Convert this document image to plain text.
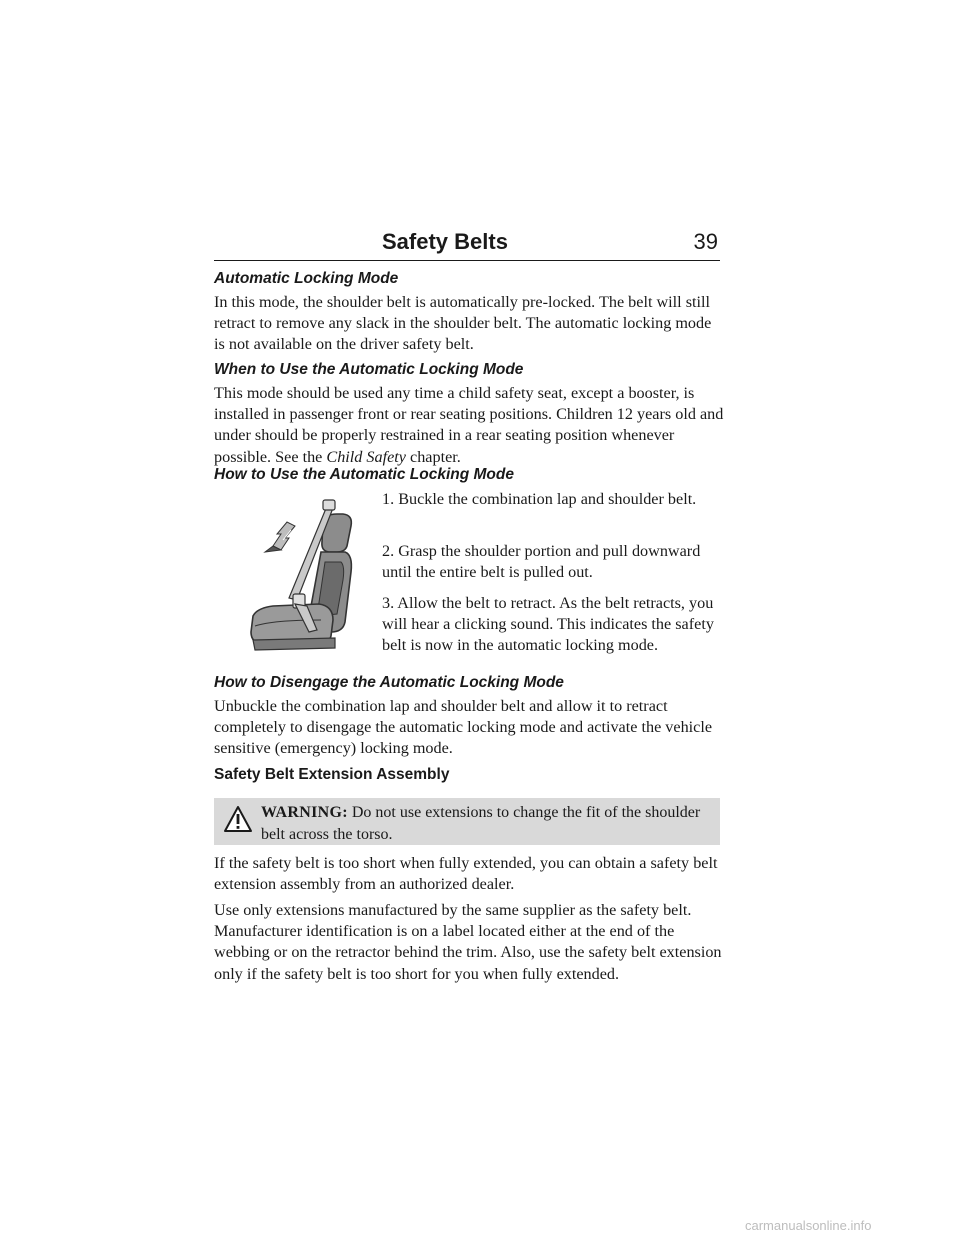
Safety Belts	39
Automatic Locking Mode

In this mode, the shoulder belt is automatically pre-locked. The belt will still retract to remove any slack in the shoulder belt. The automatic locking mode is not available on the driver safety belt.

When to Use the Automatic Locking Mode

This mode should be used any time a child safety seat, except a booster, is installed in passenger front or rear seating positions. Children 12 years old and under should be properly restrained in a rear seating position whenever possible. See the Child Safety chapter.

How to Use the Automatic Locking Mode

1. Buckle the combination lap and shoulder belt.

2. Grasp the shoulder portion and pull downward until the entire belt is pulled out.

3. Allow the belt to retract. As the belt retracts, you will hear a clicking sound. This indicates the safety belt is now in the automatic locking mode.

How to Disengage the Automatic Locking Mode

Unbuckle the combination lap and shoulder belt and allow it to retract completely to disengage the automatic locking mode and activate the vehicle sensitive (emergency) locking mode.

Safety Belt Extension Assembly
WARNING: Do not use extensions to change the fit of the shoulder belt across the torso.

If the safety belt is too short when fully extended, you can obtain a safety belt extension assembly from an authorized dealer.

Use only extensions manufactured by the same supplier as the safety belt. Manufacturer identification is on a label located either at the end of the webbing or on the retractor behind the trim. Also, use the safety belt extension only if the safety belt is too short for you when fully extended.

carmanualsonline.info
